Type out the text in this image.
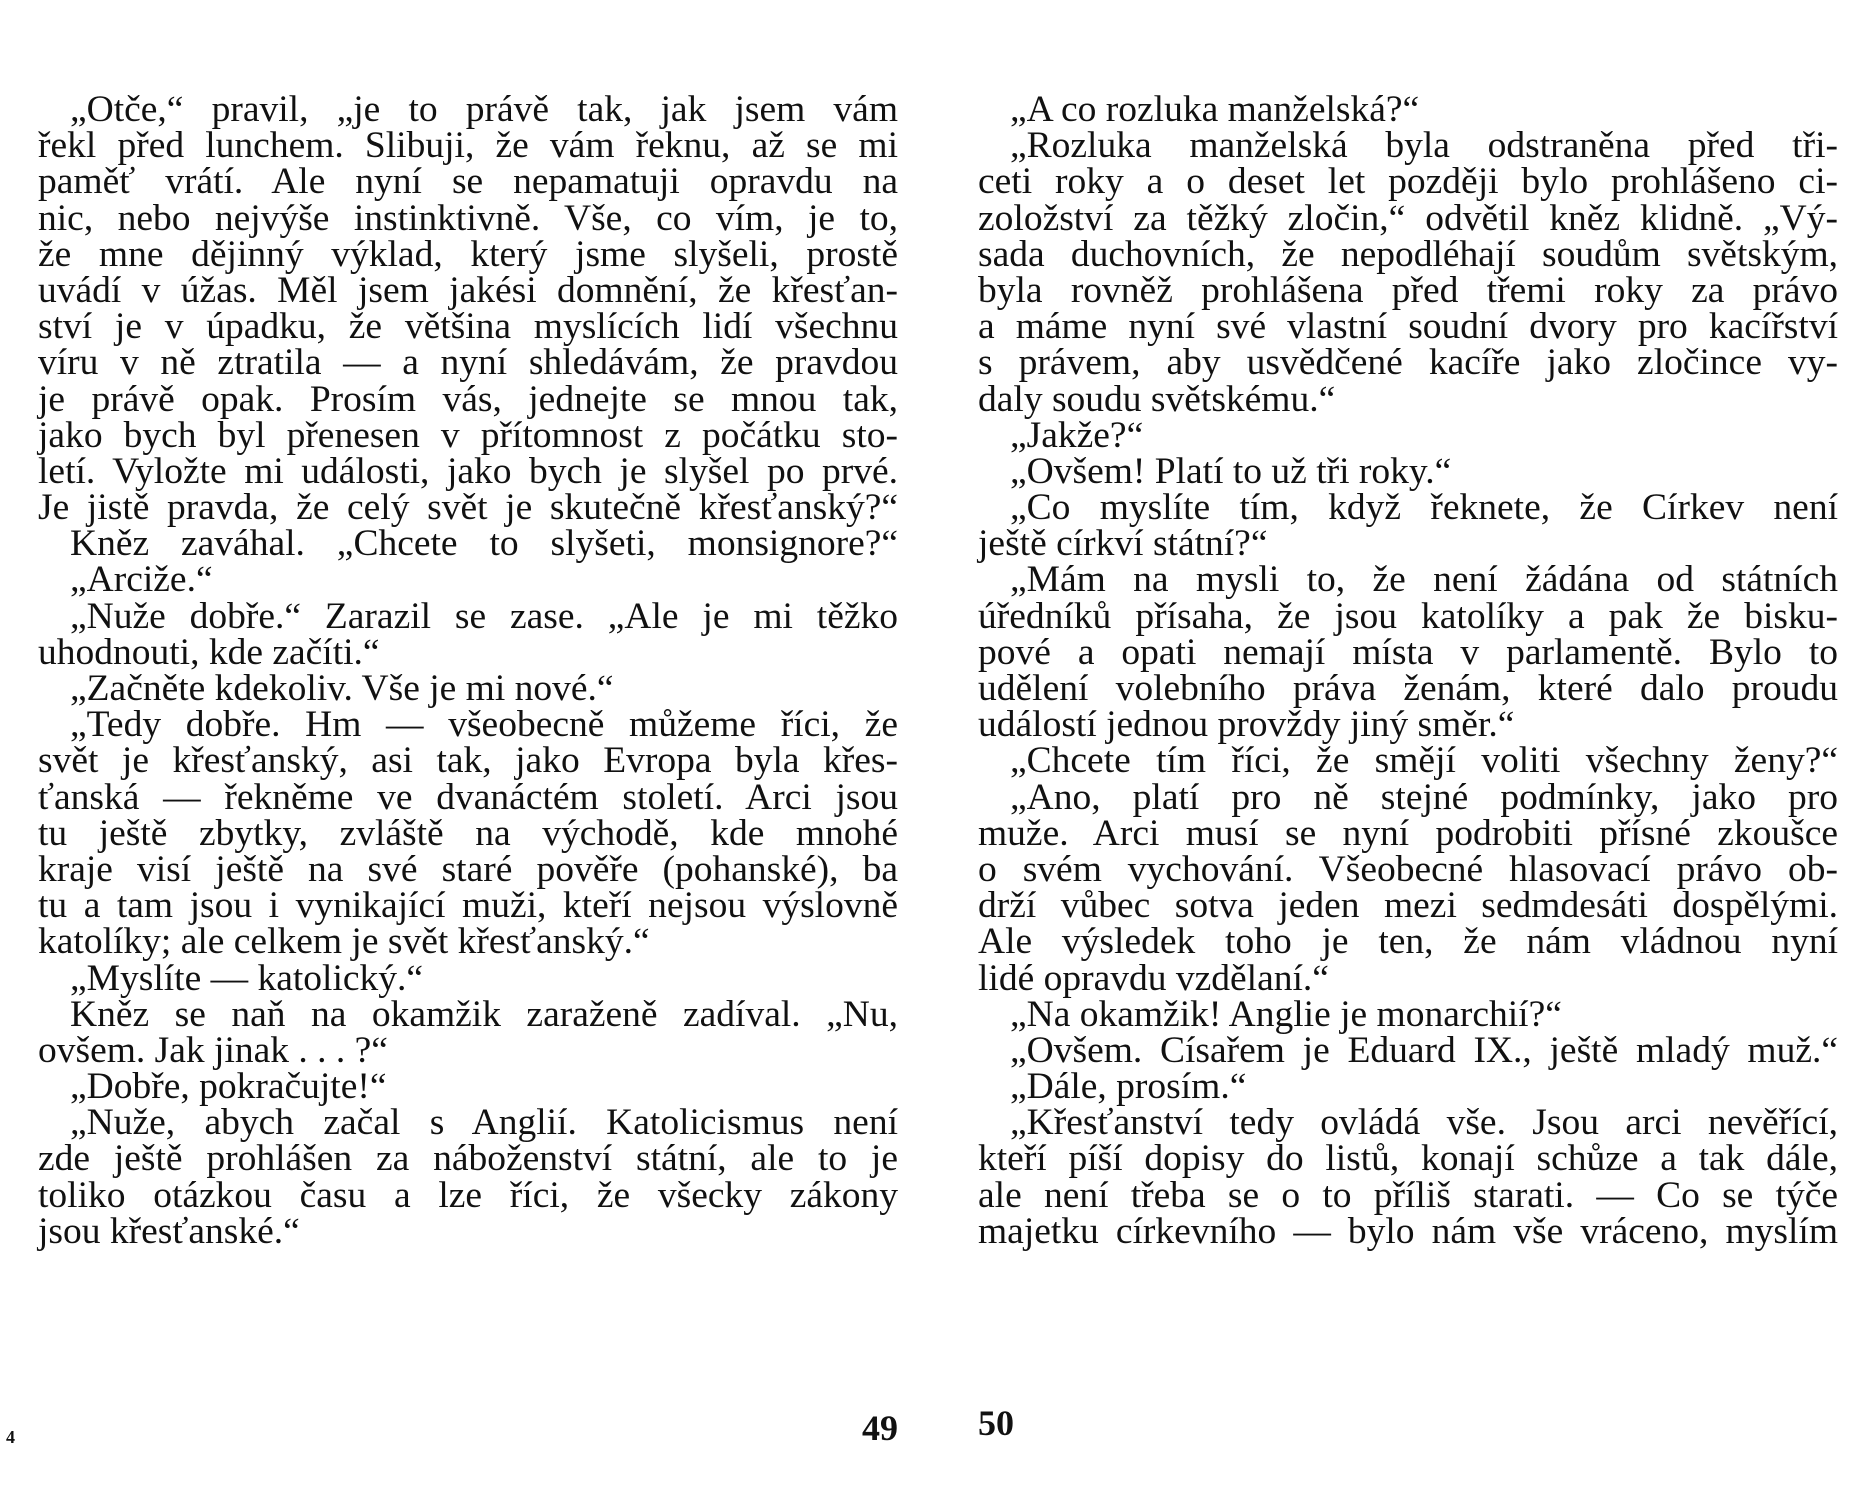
„Otče,“ pravil, „je to právě tak, jak jsem vám
řekl před lunchem. Slibuji, že vám řeknu, až se mi
paměť vrátí. Ale nyní se nepamatuji opravdu na
nic, nebo nejvýše instinktivně. Vše, co vím, je to,
že mne dějinný výklad, který jsme slyšeli, prostě
uvádí v úžas. Měl jsem jakési domnění, že křesťan-
ství je v úpadku, že většina myslících lidí všechnu
víru v ně ztratila — a nyní shledávám, že pravdou
je právě opak. Prosím vás, jednejte se mnou tak,
jako bych byl přenesen v přítomnost z počátku sto-
letí. Vyložte mi události, jako bych je slyšel po prvé.
Je jistě pravda, že celý svět je skutečně křesťanský?“
Kněz zaváhal. „Chcete to slyšeti, monsignore?“
„Arciže.“
„Nuže dobře.“ Zarazil se zase. „Ale je mi těžko
uhodnouti, kde začíti.“
„Začněte kdekoliv. Vše je mi nové.“
„Tedy dobře. Hm — všeobecně můžeme říci, že
svět je křesťanský, asi tak, jako Evropa byla křes-
ťanská — řekněme ve dvanáctém století. Arci jsou
tu ještě zbytky, zvláště na východě, kde mnohé
kraje visí ještě na své staré pověře (pohanské), ba
tu a tam jsou i vynikající muži, kteří nejsou výslovně
katolíky; ale celkem je svět křesťanský.“
„Myslíte — katolický.“
Kněz se naň na okamžik zaraženě zadíval. „Nu,
ovšem. Jak jinak . . . ?“
„Dobře, pokračujte!“
„Nuže, abych začal s Anglií. Katolicismus není
zde ještě prohlášen za náboženství státní, ale to je
toliko otázkou času a lze říci, že všecky zákony
jsou křesťanské.“
„A co rozluka manželská?“
„Rozluka manželská byla odstraněna před tři-
ceti roky a o deset let později bylo prohlášeno ci-
zoložství za těžký zločin,“ odvětil kněz klidně. „Vý-
sada duchovních, že nepodléhají soudům světským,
byla rovněž prohlášena před třemi roky za právo
a máme nyní své vlastní soudní dvory pro kacířství
s právem, aby usvědčené kacíře jako zločince vy-
daly soudu světskému.“
„Jakže?“
„Ovšem! Platí to už tři roky.“
„Co myslíte tím, když řeknete, že Církev není
ještě církví státní?“
„Mám na mysli to, že není žádána od státních
úředníků přísaha, že jsou katolíky a pak že bisku-
pové a opati nemají místa v parlamentě. Bylo to
udělení volebního práva ženám, které dalo proudu
událostí jednou provždy jiný směr.“
„Chcete tím říci, že smějí voliti všechny ženy?“
„Ano, platí pro ně stejné podmínky, jako pro
muže. Arci musí se nyní podrobiti přísné zkoušce
o svém vychování. Všeobecné hlasovací právo ob-
drží vůbec sotva jeden mezi sedmdesáti dospělými.
Ale výsledek toho je ten, že nám vládnou nyní
lidé opravdu vzdělaní.“
„Na okamžik! Anglie je monarchií?“
„Ovšem. Císařem je Eduard IX., ještě mladý muž.“
„Dále, prosím.“
„Křesťanství tedy ovládá vše. Jsou arci nevěřící,
kteří píší dopisy do listů, konají schůze a tak dále,
ale není třeba se o to příliš starati. — Co se týče
majetku církevního — bylo nám vše vráceno, myslím
4	49 50
